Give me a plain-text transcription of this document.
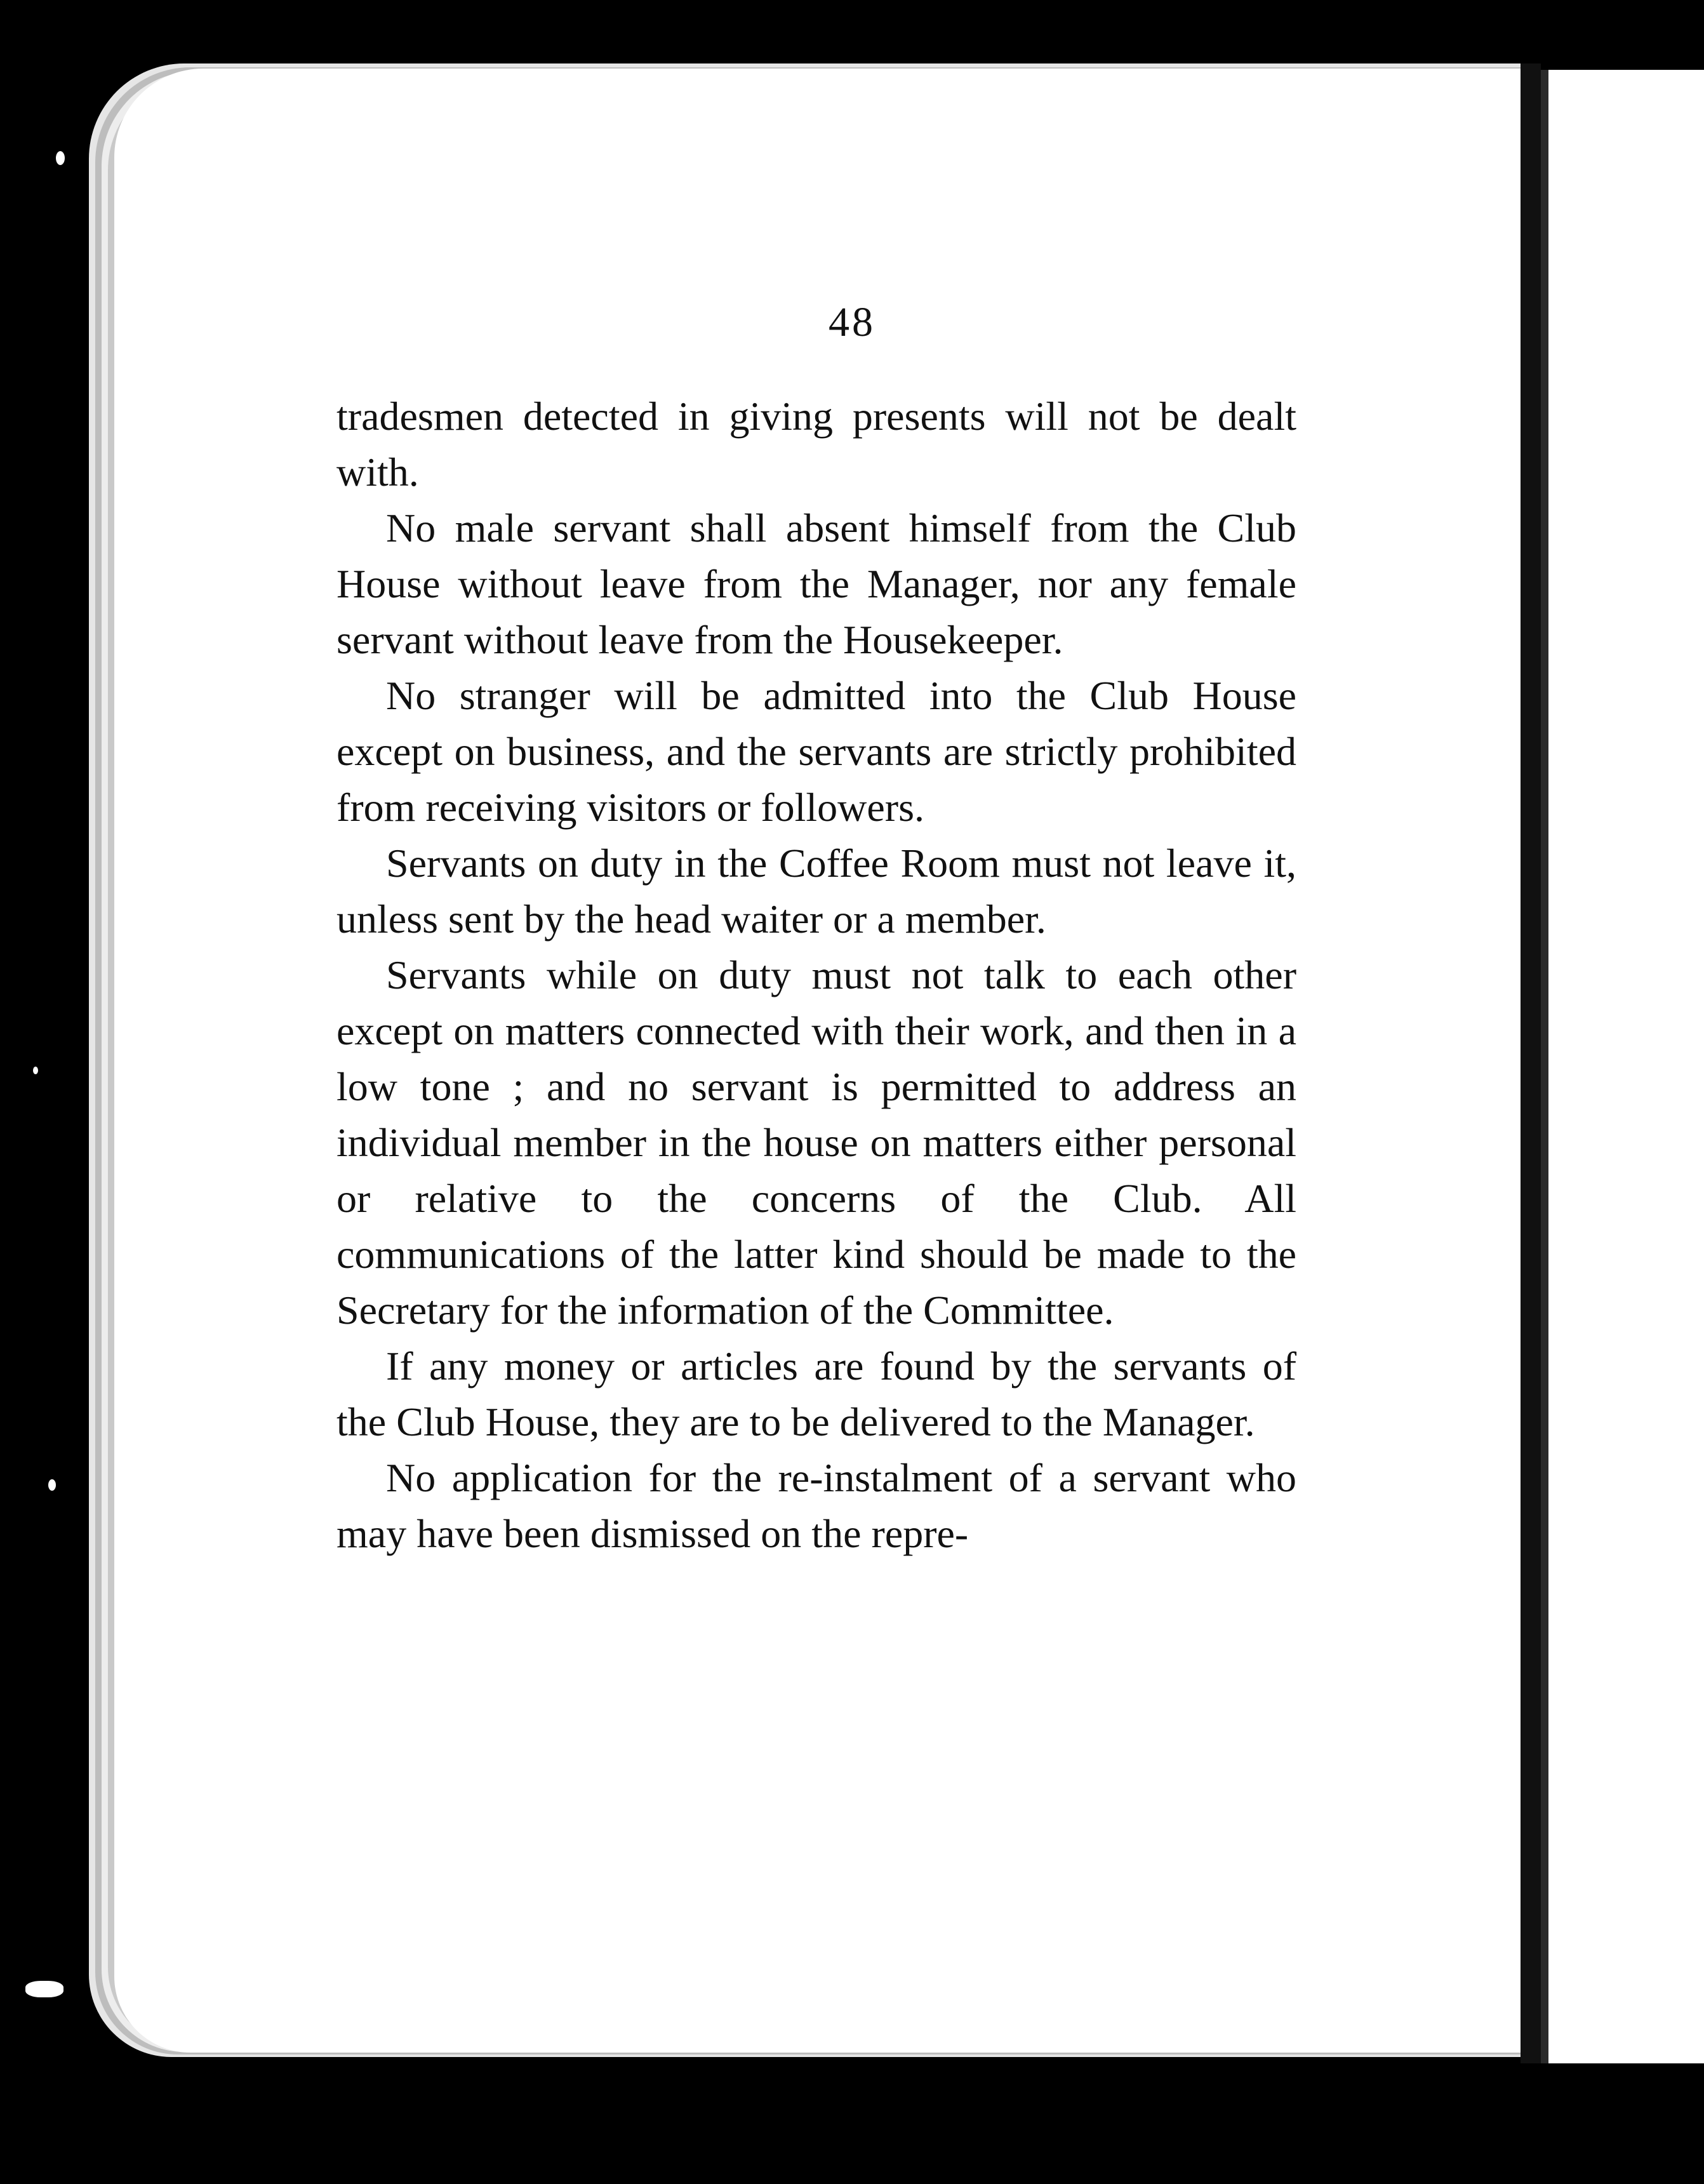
48

tradesmen detected in giving presents will not be dealt with.

No male servant shall absent himself from the Club House without leave from the Manager, nor any female servant without leave from the Housekeeper.

No stranger will be admitted into the Club House except on business, and the servants are strictly prohibited from receiving visitors or followers.

Servants on duty in the Coffee Room must not leave it, unless sent by the head waiter or a member.

Servants while on duty must not talk to each other except on matters connected with their work, and then in a low tone ; and no servant is permitted to address an individual member in the house on matters either personal or relative to the concerns of the Club. All communications of the latter kind should be made to the Secretary for the information of the Committee.

If any money or articles are found by the servants of the Club House, they are to be delivered to the Manager.

No application for the re-instalment of a servant who may have been dismissed on the repre-
